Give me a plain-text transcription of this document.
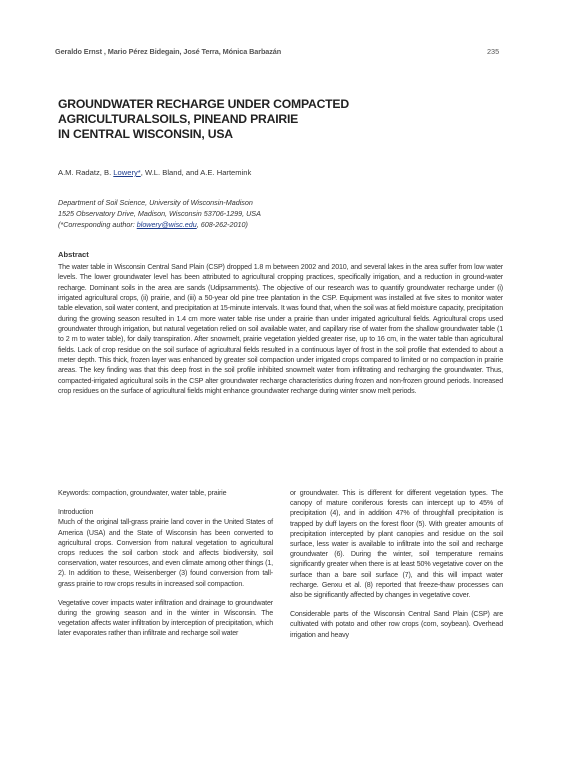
Geraldo Ernst , Mario Pérez Bidegain, José Terra, Mónica Barbazán	235
GROUNDWATER RECHARGE UNDER COMPACTED
AGRICULTURALSOILS, PINEAND PRAIRIE
IN CENTRAL WISCONSIN, USA
A.M. Radatz, B. Lowery*, W.L. Bland, and A.E. Hartemink
Department of Soil Science, University of Wisconsin-Madison
1525 Observatory Drive, Madison, Wisconsin 53706-1299, USA
(*Corresponding author: blowery@wisc.edu, 608-262-2010)
Abstract
The water table in Wisconsin Central Sand Plain (CSP) dropped 1.8 m between 2002 and 2010, and several lakes in the area suffer from low water levels. The lower groundwater level has been attributed to agricultural cropping practices, specifically irrigation, and a reduction in ground-water recharge. Dominant soils in the area are sands (Udipsamments). The objective of our research was to quantify groundwater recharge under (i) irrigated agricultural crops, (ii) prairie, and (iii) a 50-year old pine tree plantation in the CSP. Equipment was installed at five sites to monitor water table elevation, soil water content, and precipitation at 15-minute intervals. It was found that, when the soil was at field moisture capacity, precipitation during the growing season resulted in 1.4 cm more water table rise under a prairie than under irrigated agricultural fields. Agricultural crops used groundwater through irrigation, but natural vegetation relied on soil available water, and capillary rise of water from the shallow groundwater table (1 to 2 m to water table), for daily transpiration. After snowmelt, prairie vegetation yielded greater rise, up to 16 cm, in the water table than agricultural fields. Lack of crop residue on the soil surface of agricultural fields resulted in a continuous layer of frost in the soil profile that extended to about a meter depth. This thick, frozen layer was enhanced by greater soil compaction under irrigated crops compared to limited or no compaction in prairie areas. The key finding was that this deep frost in the soil profile inhibited snowmelt water from infiltrating and recharging the groundwater. Thus, compacted-irrigated agricultural soils in the CSP alter groundwater recharge characteristics during frozen and non-frozen ground periods. Increased crop residues on the surface of agricultural fields might enhance groundwater recharge during winter snow melt periods.

Keywords: compaction, groundwater, water table, prairie

Introduction

Much of the original tall-grass prairie land cover in the United States of America (USA) and the State of Wisconsin has been converted to agricultural crops. Conversion from natural vegetation to agricultural crops reduces the soil carbon stock and affects biodiversity, soil conservation, water resources, and even climate among other things (1, 2). In addition to these, Weisenberger (3) found conversion from tall-grass prairie to row crops results in increased soil compaction.

Vegetative cover impacts water infiltration and drainage to groundwater during the growing season and in the winter in Wisconsin. The vegetation affects water infiltration by interception of precipitation, which later evaporates rather than infiltrate and recharge soil water

or groundwater. This is different for different vegetation types. The canopy of mature coniferous forests can intercept up to 45% of precipitation (4), and in addition 47% of throughfall precipitation is trapped by duff layers on the forest floor (5). With greater amounts of precipitation intercepted by plant canopies and residue on the soil surface, less water is available to infiltrate into the soil and recharge groundwater (6). During the winter, soil temperature remains significantly greater when there is at least 50% vegetative cover on the surface than a bare soil surface (7), and this will impact water recharge. Genxu et al. (8) reported that freeze-thaw processes can also be significantly affected by changes in vegetative cover.

Considerable parts of the Wisconsin Central Sand Plain (CSP) are cultivated with potato and other row crops (corn, soybean). Overhead irrigation and heavy
